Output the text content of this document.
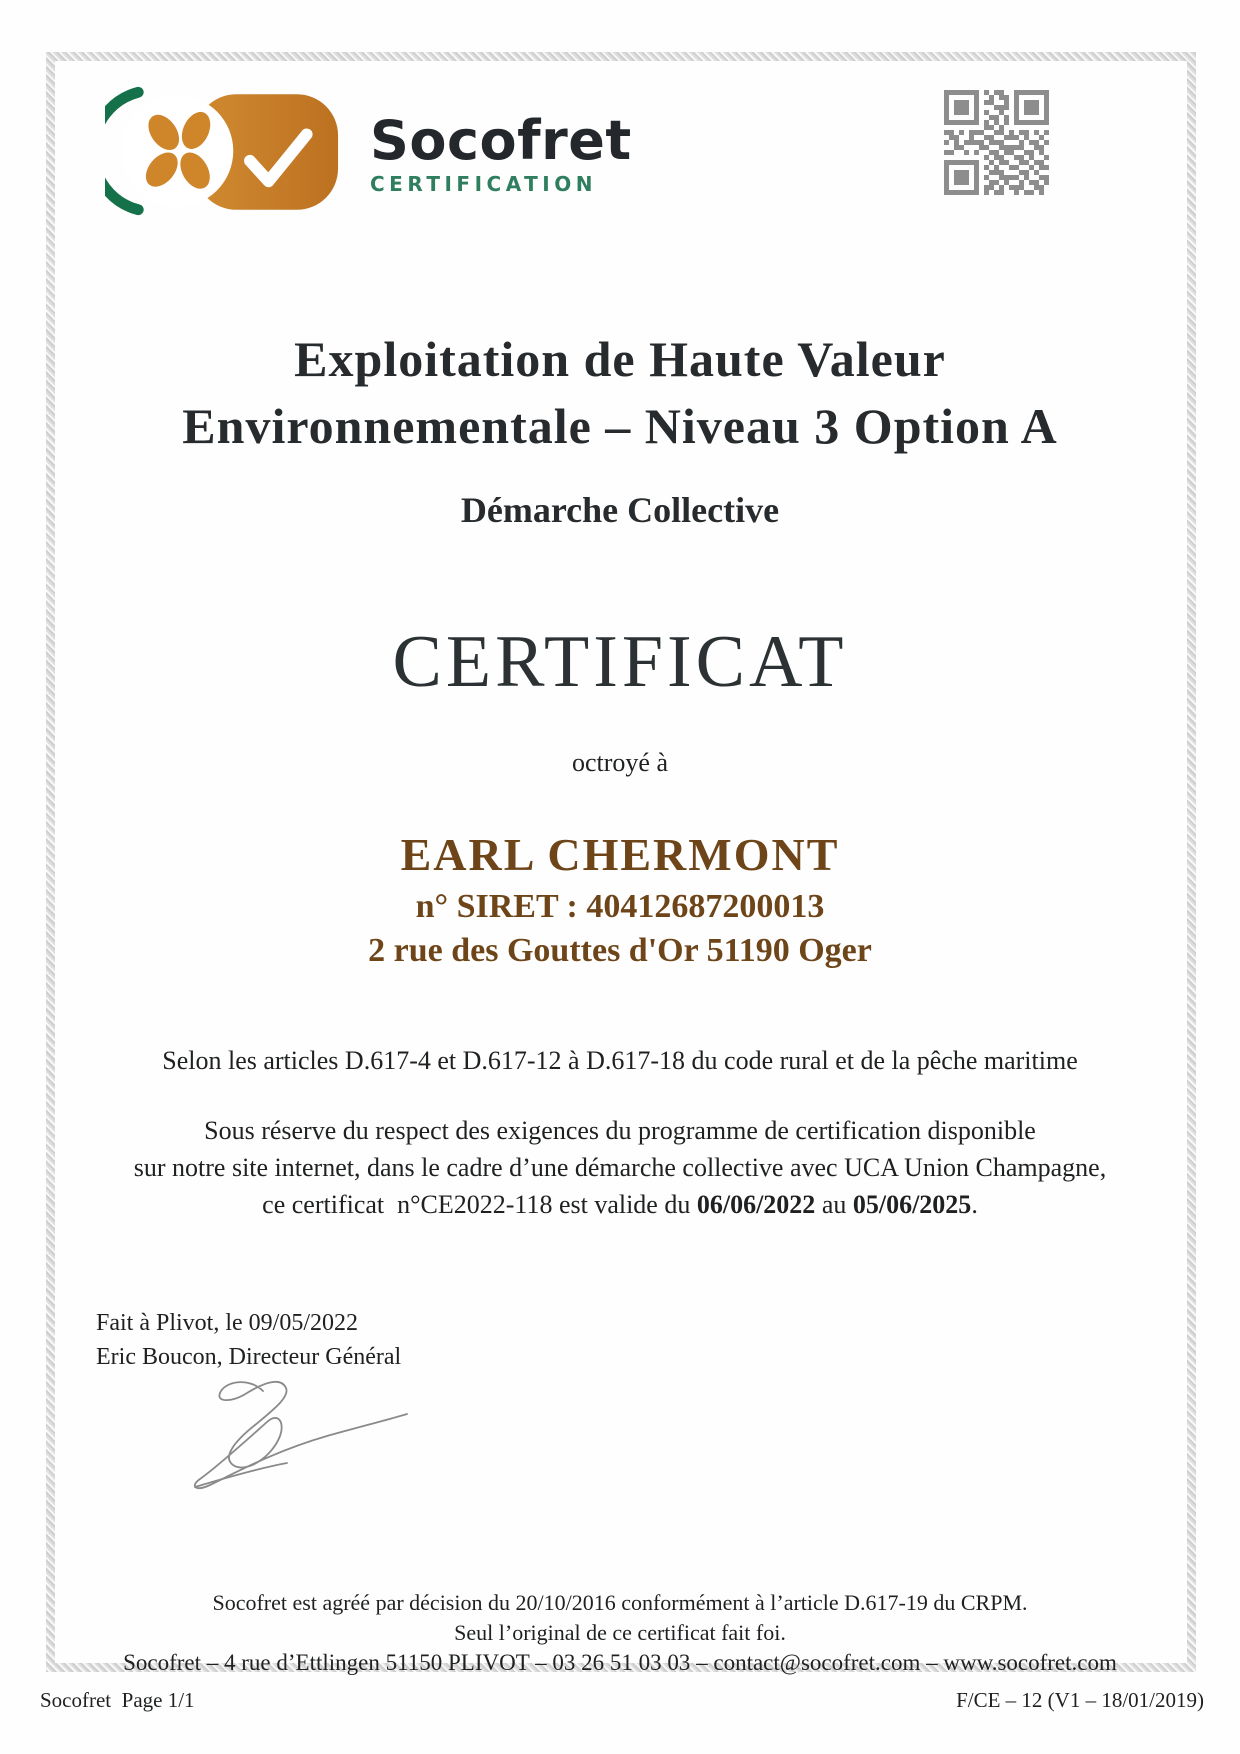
Socofret
CERTIFICATION
Exploitation de Haute Valeur
Environnementale – Niveau 3 Option A
Démarche Collective
CERTIFICAT
octroyé à
EARL CHERMONT
n° SIRET : 40412687200013
2 rue des Gouttes d'Or 51190 Oger

Selon les articles D.617-4 et D.617-12 à D.617-18 du code rural et de la pêche maritime

Sous réserve du respect des exigences du programme de certification disponible
sur notre site internet, dans le cadre d’une démarche collective avec UCA Union Champagne,
ce certificat  n°CE2022-118 est valide du 06/06/2022 au 05/06/2025.

Fait à Plivot, le 09/05/2022
Eric Boucon, Directeur Général
Socofret est agréé par décision du 20/10/2016 conformément à l’article D.617-19 du CRPM.
Seul l’original de ce certificat fait foi.
Socofret – 4 rue d’Ettlingen 51150 PLIVOT – 03 26 51 03 03 – contact@socofret.com – www.socofret.com
Socofret  Page 1/1	F/CE – 12 (V1 – 18/01/2019)
